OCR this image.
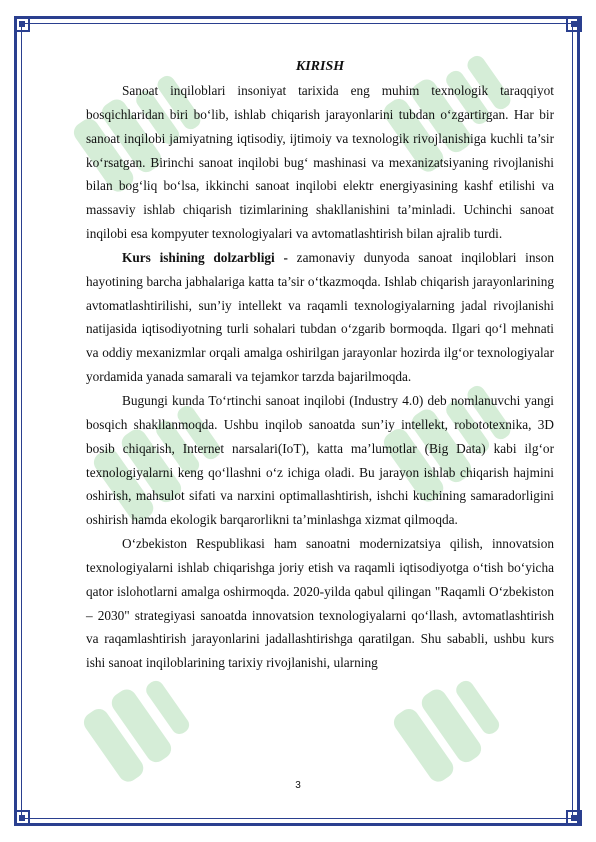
KIRISH

Sanoat inqiloblari insoniyat tarixida eng muhim texnologik taraqqiyot bosqichlaridan biri bo‘lib, ishlab chiqarish jarayonlarini tubdan o‘zgartirgan. Har bir sanoat inqilobi jamiyatning iqtisodiy, ijtimoiy va texnologik rivojlanishiga kuchli ta’sir ko‘rsatgan. Birinchi sanoat inqilobi bug‘ mashinasi va mexanizatsiyaning rivojlanishi bilan bog‘liq bo‘lsa, ikkinchi sanoat inqilobi elektr energiyasining kashf etilishi va massaviy ishlab chiqarish tizimlarining shakllanishini ta’minladi. Uchinchi sanoat inqilobi esa kompyuter texnologiyalari va avtomatlashtirish bilan ajralib turdi.

Kurs ishining dolzarbligi - zamonaviy dunyoda sanoat inqiloblari inson hayotining barcha jabhalariga katta ta’sir o‘tkazmoqda. Ishlab chiqarish jarayonlarining avtomatlashtirilishi, sun’iy intellekt va raqamli texnologiyalarning jadal rivojlanishi natijasida iqtisodiyotning turli sohalari tubdan o‘zgarib bormoqda. Ilgari qo‘l mehnati va oddiy mexanizmlar orqali amalga oshirilgan jarayonlar hozirda ilg‘or texnologiyalar yordamida yanada samarali va tejamkor tarzda bajarilmoqda.

Bugungi kunda To‘rtinchi sanoat inqilobi (Industry 4.0) deb nomlanuvchi yangi bosqich shakllanmoqda. Ushbu inqilob sanoatda sun’iy intellekt, robototexnika, 3D bosib chiqarish, Internet narsalari(IoT), katta ma’lumotlar (Big Data) kabi ilg‘or texnologiyalarni keng qo‘llashni o‘z ichiga oladi. Bu jarayon ishlab chiqarish hajmini oshirish, mahsulot sifati va narxini optimallashtirish, ishchi kuchining samaradorligini oshirish hamda ekologik barqarorlikni ta’minlashga xizmat qilmoqda.

O‘zbekiston Respublikasi ham sanoatni modernizatsiya qilish, innovatsion texnologiyalarni ishlab chiqarishga joriy etish va raqamli iqtisodiyotga o‘tish bo‘yicha qator islohotlarni amalga oshirmoqda. 2020-yilda qabul qilingan "Raqamli O‘zbekiston – 2030" strategiyasi sanoatda innovatsion texnologiyalarni qo‘llash, avtomatlashtirish va raqamlashtirish jarayonlarini jadallashtirishga qaratilgan. Shu sababli, ushbu kurs ishi sanoat inqiloblarining tarixiy rivojlanishi, ularning

3
